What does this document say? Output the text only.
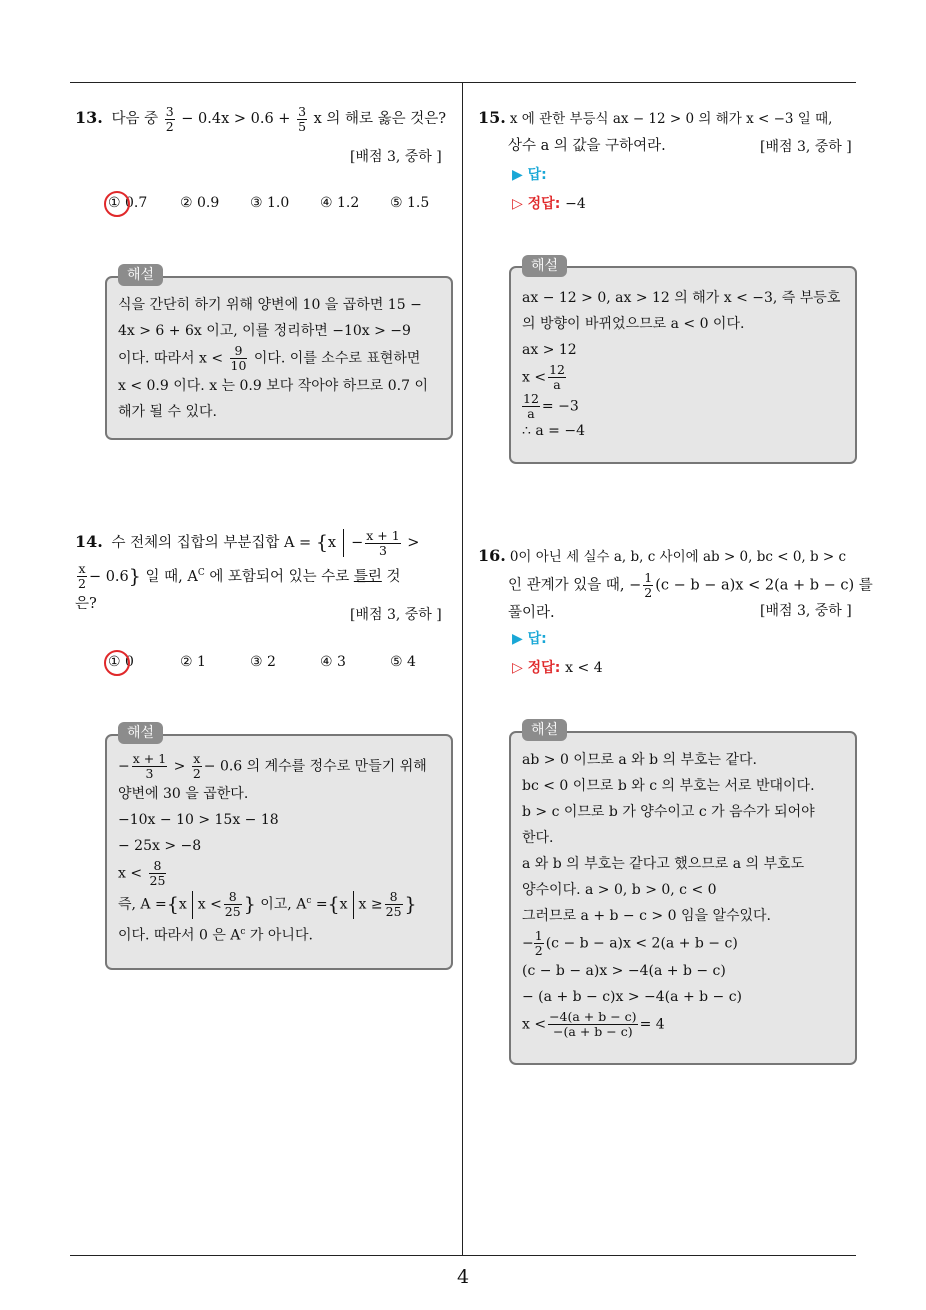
4
13. 다음 중 $\frac{3}{2} - 0.4x > 0.6 + \frac{3}{5}$ x 의 해로 옳은 것은?
[배점 3, 중하 ]
① 0.7 ② 0.9 ③ 1.0 ④ 1.2 ⑤ 1.5
해설
식을 간단히 하기 위해 양변에 10 을 곱하면 15 −
4x > 6 + 6x 이고, 이를 정리하면 −10x > −9
이다. 따라서 $x < \frac{9}{10}$ 이다. 이를 소수로 표현하면
x < 0.9 이다. x 는 0.9 보다 작아야 하므로 0.7 이
해가 될 수 있다.
14. 수 전체의 집합의 부분집합 $A = \{x - \frac{x + 1}{3}$ >
$\frac{x}{2} - 0.6$} 일 때, $A^C$ 에 포함되어 있는 수로 틀린 것
은?
[배점 3, 중하 ]
① 0	② 1	③ 2	④ 3	⑤ 4
해설
− $\frac{x + 1}{3} > \frac{x}{2} - 0.6$ 의 계수를 정수로 만들기 위해
양변에 30 을 곱한다.
−10x − 10 > 15x − 18
− 25x > −8
$x < \frac{8}{25}$
즉, A ={x $x < \frac{8}{25}$ } 이고, $A^c =\{x$ $x \ge \frac{8}{25}$ }
이다. 따라서 0 은 $A^c$ 가 아니다.
15. x 에 관한 부등식 ax − 12 > 0 의 해가 x < −3 일 때,
상수 a 의 값을 구하여라.	[배점 3, 중하 ]
▶ 답:
▷ 정답: −4
해설
ax − 12 > 0, ax > 12 의 해가 x < −3, 즉 부등호
의 방향이 바뀌었으므로 a < 0 이다.
ax > 12
$x < \frac{12}{a}$
$\frac{12}{a} = -3$
∴ a = −4
16. 0이 아닌 세 실수 a, b, c 사이에 ab > 0, bc < 0, b > c
인 관계가 있을 때, − $\frac{1}{2} (c - b - a)x < 2(a + b - c)$ 를
풀이라.	[배점 3, 중하 ]
▶ 답:
▷ 정답: x < 4
해설
ab > 0 이므로 a 와 b 의 부호는 같다.
bc < 0 이므로 b 와 c 의 부호는 서로 반대이다.
b > c 이므로 b 가 양수이고 c 가 음수가 되어야
한다.
a 와 b 의 부호는 같다고 했으므로 a 의 부호도
양수이다. a > 0, b > 0, c < 0
그러므로 a + b − c > 0 임을 알수있다.
− $\frac{1}{2} (c - b - a)x < 2(a + b - c)$
(c − b − a)x > −4(a + b − c)
− (a + b − c)x > −4(a + b − c)
$x < \frac{-4(a + b - c)}{-(a + b - c)} = 4$
